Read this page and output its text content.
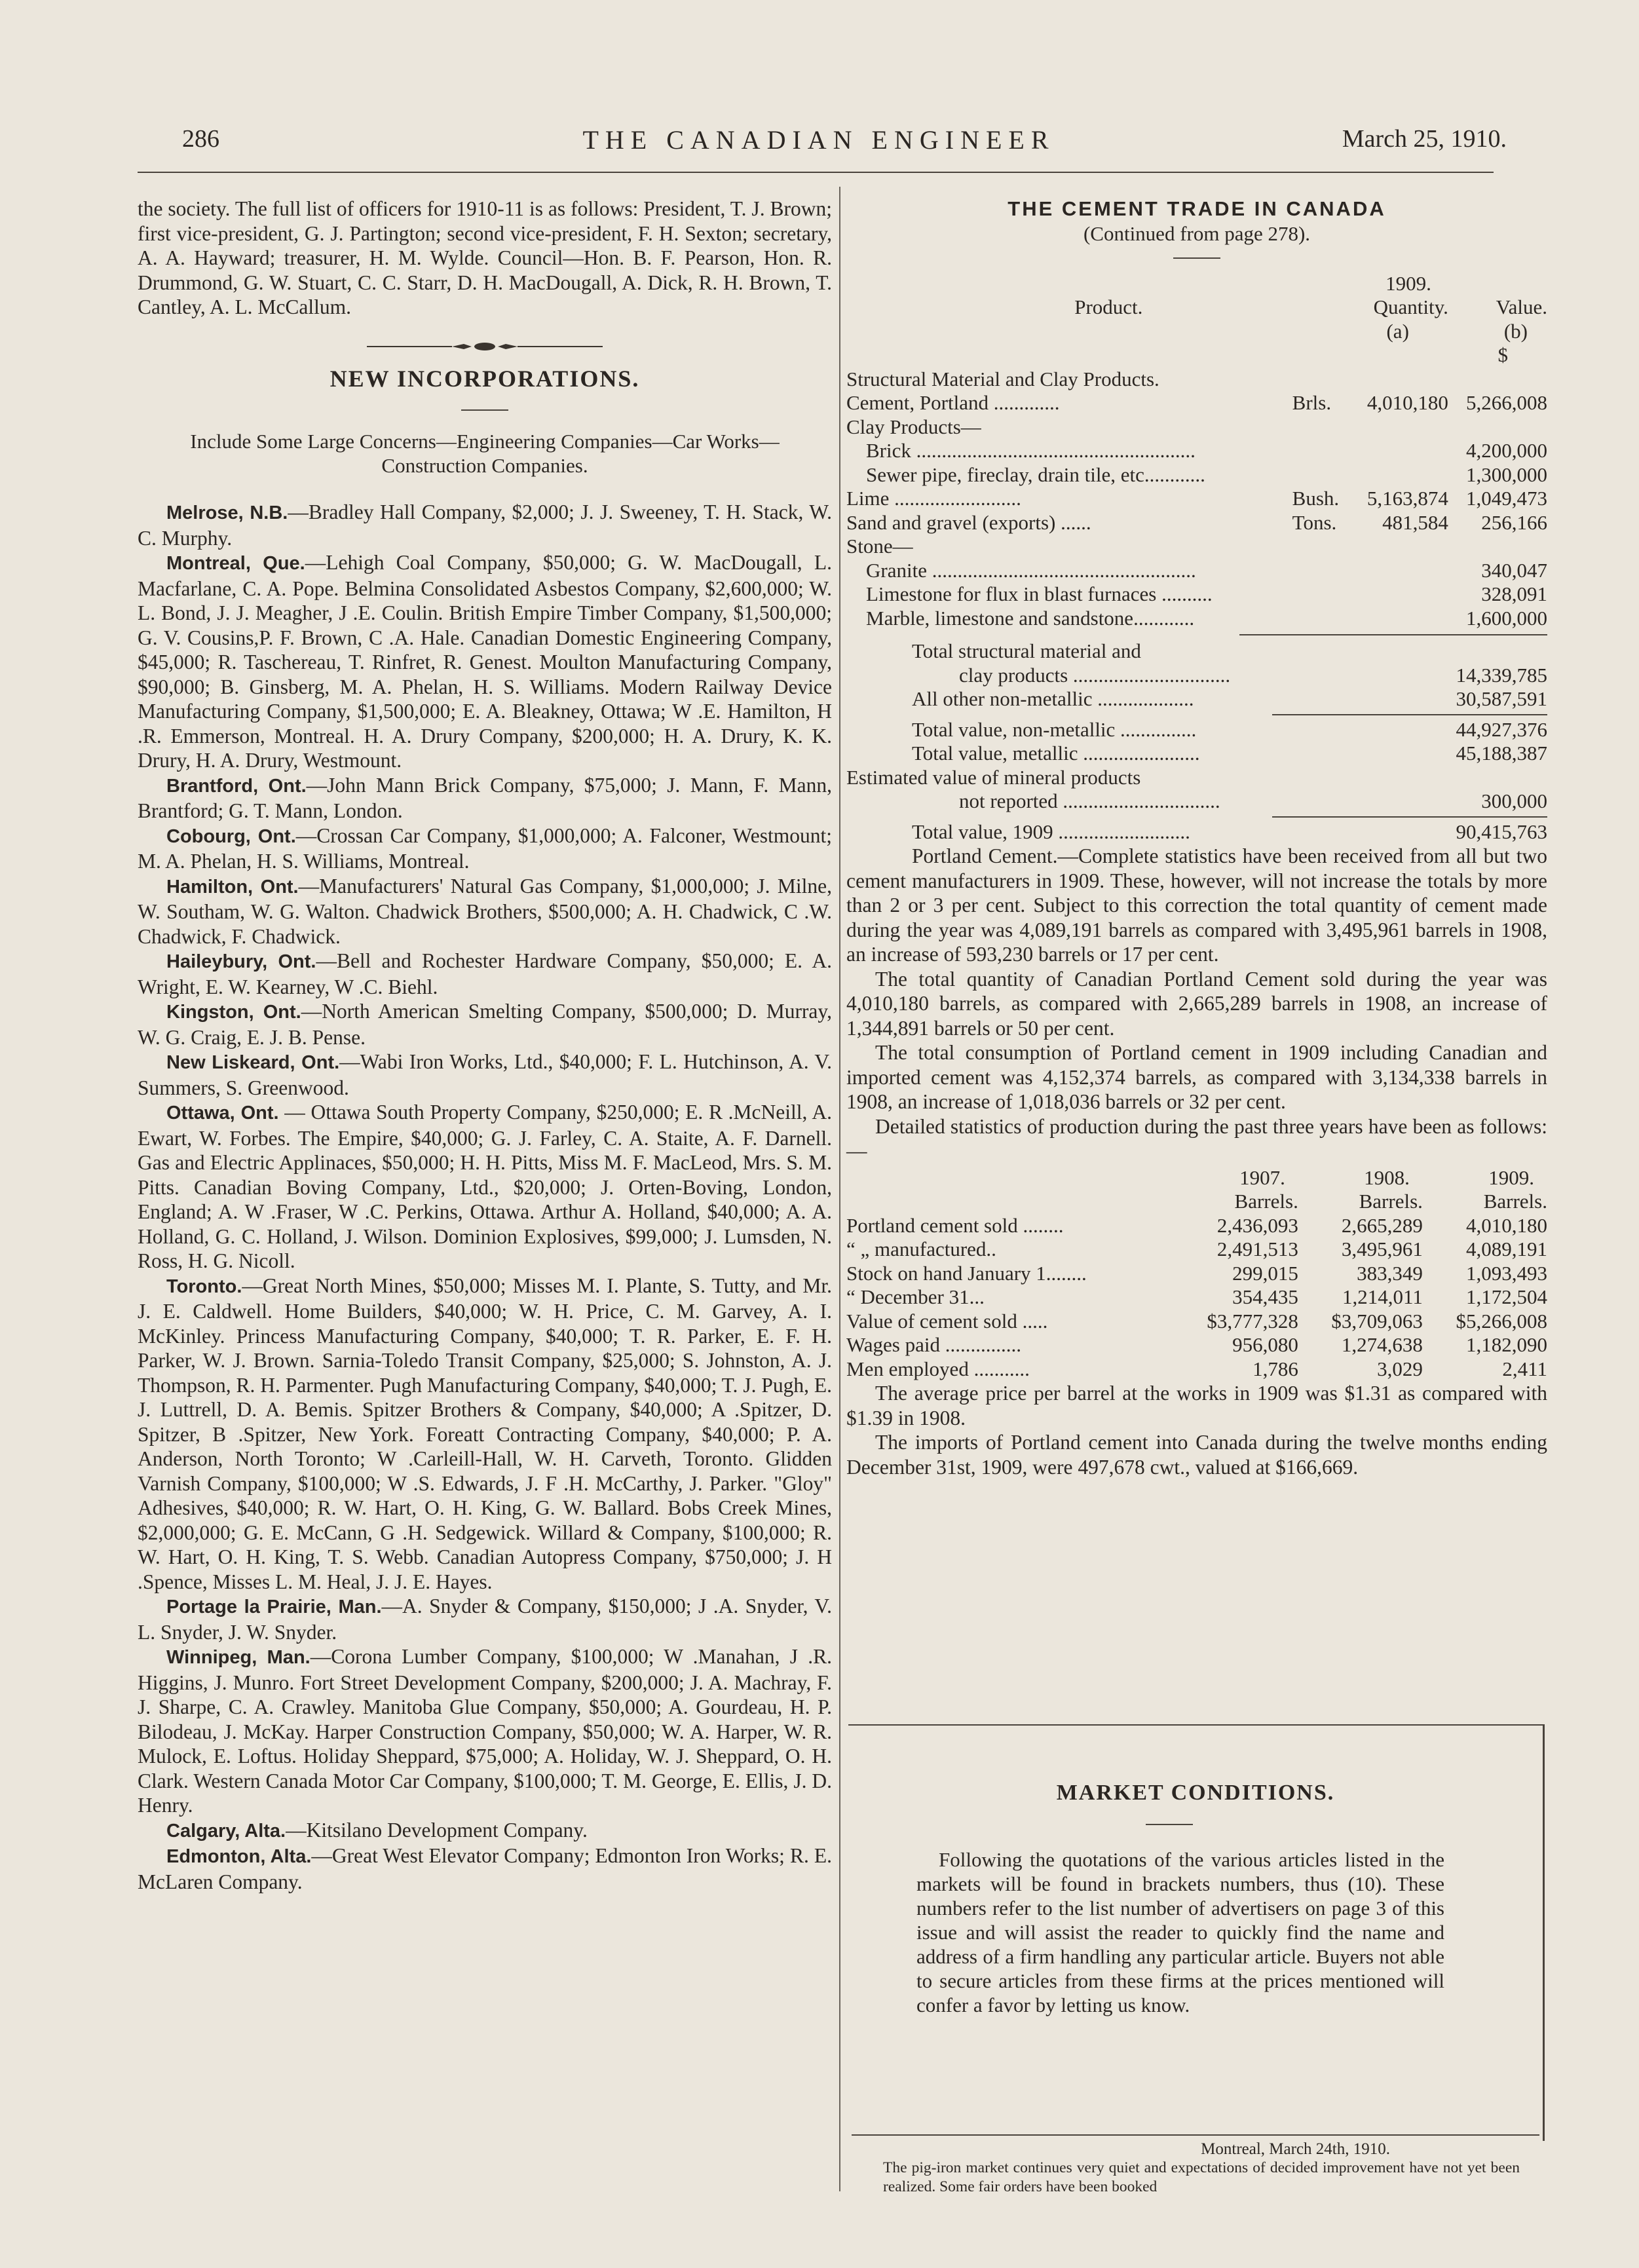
286	THE CANADIAN ENGINEER	March 25, 1910.

the society. The full list of officers for 1910-11 is as follows: President, T. J. Brown; first vice-president, G. J. Partington; second vice-president, F. H. Sexton; secretary, A. A. Hayward; treasurer, H. M. Wylde. Council—Hon. B. F. Pearson, Hon. R. Drummond, G. W. Stuart, C. C. Starr, D. H. MacDougall, A. Dick, R. H. Brown, T. Cantley, A. L. McCallum.

NEW INCORPORATIONS.

Include Some Large Concerns—Engineering Companies—Car Works—Construction Companies.

Melrose, N.B.—Bradley Hall Company, $2,000; J. J. Sweeney, T. H. Stack, W. C. Murphy.

Montreal, Que.—Lehigh Coal Company, $50,000; G. W. MacDougall, L. Macfarlane, C. A. Pope. Belmina Consolidated Asbestos Company, $2,600,000; W. L. Bond, J. J. Meagher, J .E. Coulin. British Empire Timber Company, $1,500,000; G. V. Cousins,P. F. Brown, C .A. Hale. Canadian Domestic Engineering Company, $45,000; R. Taschereau, T. Rinfret, R. Genest. Moulton Manufacturing Company, $90,000; B. Ginsberg, M. A. Phelan, H. S. Williams. Modern Railway Device Manufacturing Company, $1,500,000; E. A. Bleakney, Ottawa; W .E. Hamilton, H .R. Emmerson, Montreal. H. A. Drury Company, $200,000; H. A. Drury, K. K. Drury, H. A. Drury, Westmount.

Brantford, Ont.—John Mann Brick Company, $75,000; J. Mann, F. Mann, Brantford; G. T. Mann, London.

Cobourg, Ont.—Crossan Car Company, $1,000,000; A. Falconer, Westmount; M. A. Phelan, H. S. Williams, Montreal.

Hamilton, Ont.—Manufacturers' Natural Gas Company, $1,000,000; J. Milne, W. Southam, W. G. Walton. Chadwick Brothers, $500,000; A. H. Chadwick, C .W. Chadwick, F. Chadwick.

Haileybury, Ont.—Bell and Rochester Hardware Company, $50,000; E. A. Wright, E. W. Kearney, W .C. Biehl.

Kingston, Ont.—North American Smelting Company, $500,000; D. Murray, W. G. Craig, E. J. B. Pense.

New Liskeard, Ont.—Wabi Iron Works, Ltd., $40,000; F. L. Hutchinson, A. V. Summers, S. Greenwood.

Ottawa, Ont. — Ottawa South Property Company, $250,000; E. R .McNeill, A. Ewart, W. Forbes. The Empire, $40,000; G. J. Farley, C. A. Staite, A. F. Darnell. Gas and Electric Applinaces, $50,000; H. H. Pitts, Miss M. F. MacLeod, Mrs. S. M. Pitts. Canadian Boving Company, Ltd., $20,000; J. Orten-Boving, London, England; A. W .Fraser, W .C. Perkins, Ottawa. Arthur A. Holland, $40,000; A. A. Holland, G. C. Holland, J. Wilson. Dominion Explosives, $99,000; J. Lumsden, N. Ross, H. G. Nicoll.

Toronto.—Great North Mines, $50,000; Misses M. I. Plante, S. Tutty, and Mr. J. E. Caldwell. Home Builders, $40,000; W. H. Price, C. M. Garvey, A. I. McKinley. Princess Manufacturing Company, $40,000; T. R. Parker, E. F. H. Parker, W. J. Brown. Sarnia-Toledo Transit Company, $25,000; S. Johnston, A. J. Thompson, R. H. Parmenter. Pugh Manufacturing Company, $40,000; T. J. Pugh, E. J. Luttrell, D. A. Bemis. Spitzer Brothers & Company, $40,000; A .Spitzer, D. Spitzer, B .Spitzer, New York. Foreatt Contracting Company, $40,000; P. A. Anderson, North Toronto; W .Carleill-Hall, W. H. Carveth, Toronto. Glidden Varnish Company, $100,000; W .S. Edwards, J. F .H. McCarthy, J. Parker. "Gloy" Adhesives, $40,000; R. W. Hart, O. H. King, G. W. Ballard. Bobs Creek Mines, $2,000,000; G. E. McCann, G .H. Sedgewick. Willard & Company, $100,000; R. W. Hart, O. H. King, T. S. Webb. Canadian Autopress Company, $750,000; J. H .Spence, Misses L. M. Heal, J. J. E. Hayes.

Portage la Prairie, Man.—A. Snyder & Company, $150,000; J .A. Snyder, V. L. Snyder, J. W. Snyder.

Winnipeg, Man.—Corona Lumber Company, $100,000; W .Manahan, J .R. Higgins, J. Munro. Fort Street Development Company, $200,000; J. A. Machray, F. J. Sharpe, C. A. Crawley. Manitoba Glue Company, $50,000; A. Gourdeau, H. P. Bilodeau, J. McKay. Harper Construction Company, $50,000; W. A. Harper, W. R. Mulock, E. Loftus. Holiday Sheppard, $75,000; A. Holiday, W. J. Sheppard, O. H. Clark. Western Canada Motor Car Company, $100,000; T. M. George, E. Ellis, J. D. Henry.

Calgary, Alta.—Kitsilano Development Company.

Edmonton, Alta.—Great West Elevator Company; Edmonton Iron Works; R. E. McLaren Company.

THE CEMENT TRADE IN CANADA

(Continued from page 278).

		1909.	
Product.		Quantity.	Value.
		(a)	(b)
			$
Structural Material and Clay Products.			
Cement, Portland .............	Brls.	4,010,180	5,266,008
Clay Products—			
Brick .......................................................			4,200,000
Sewer pipe, fireclay, drain tile, etc............			1,300,000
Lime .........................	Bush.	5,163,874	1,049,473
Sand and gravel (exports) ......	Tons.	481,584	256,166
Stone—			
Granite ....................................................			340,047
Limestone for flux in blast furnaces ..........			328,091
Marble, limestone and sandstone............			1,600,000
Total structural material and	
clay products ...............................	14,339,785
All other non-metallic ...................	30,587,591

Total value, non-metallic ...............	44,927,376
Total value, metallic .......................	45,188,387
Estimated value of mineral products	
not reported ...............................	300,000

Total value, 1909 ..........................	90,415,763

Portland Cement.—Complete statistics have been received from all but two cement manufacturers in 1909. These, however, will not increase the totals by more than 2 or 3 per cent. Subject to this correction the total quantity of cement made during the year was 4,089,191 barrels as compared with 3,495,961 barrels in 1908, an increase of 593,230 barrels or 17 per cent.

The total quantity of Canadian Portland Cement sold during the year was 4,010,180 barrels, as compared with 2,665,289 barrels in 1908, an increase of 1,344,891 barrels or 50 per cent.

The total consumption of Portland cement in 1909 including Canadian and imported cement was 4,152,374 barrels, as compared with 3,134,338 barrels in 1908, an increase of 1,018,036 barrels or 32 per cent.

Detailed statistics of production during the past three years have been as follows:—

	1907.	1908.	1909.
	Barrels.	Barrels.	Barrels.
Portland cement sold ........	2,436,093	2,665,289	4,010,180
“ „ manufactured..	2,491,513	3,495,961	4,089,191
Stock on hand January 1........	299,015	383,349	1,093,493
“ December 31...	354,435	1,214,011	1,172,504
Value of cement sold .....	$3,777,328	$3,709,063	$5,266,008
Wages paid ...............	956,080	1,274,638	1,182,090
Men employed ...........	1,786	3,029	2,411

The average price per barrel at the works in 1909 was $1.31 as compared with $1.39 in 1908.

The imports of Portland cement into Canada during the twelve months ending December 31st, 1909, were 497,678 cwt., valued at $166,669.

MARKET CONDITIONS.

Following the quotations of the various articles listed in the markets will be found in brackets numbers, thus (10). These numbers refer to the list number of advertisers on page 3 of this issue and will assist the reader to quickly find the name and address of a firm handling any particular article. Buyers not able to secure articles from these firms at the prices mentioned will confer a favor by letting us know.

Montreal, March 24th, 1910.
The pig-iron market continues very quiet and expectations of decided improvement have not yet been realized. Some fair orders have been booked
